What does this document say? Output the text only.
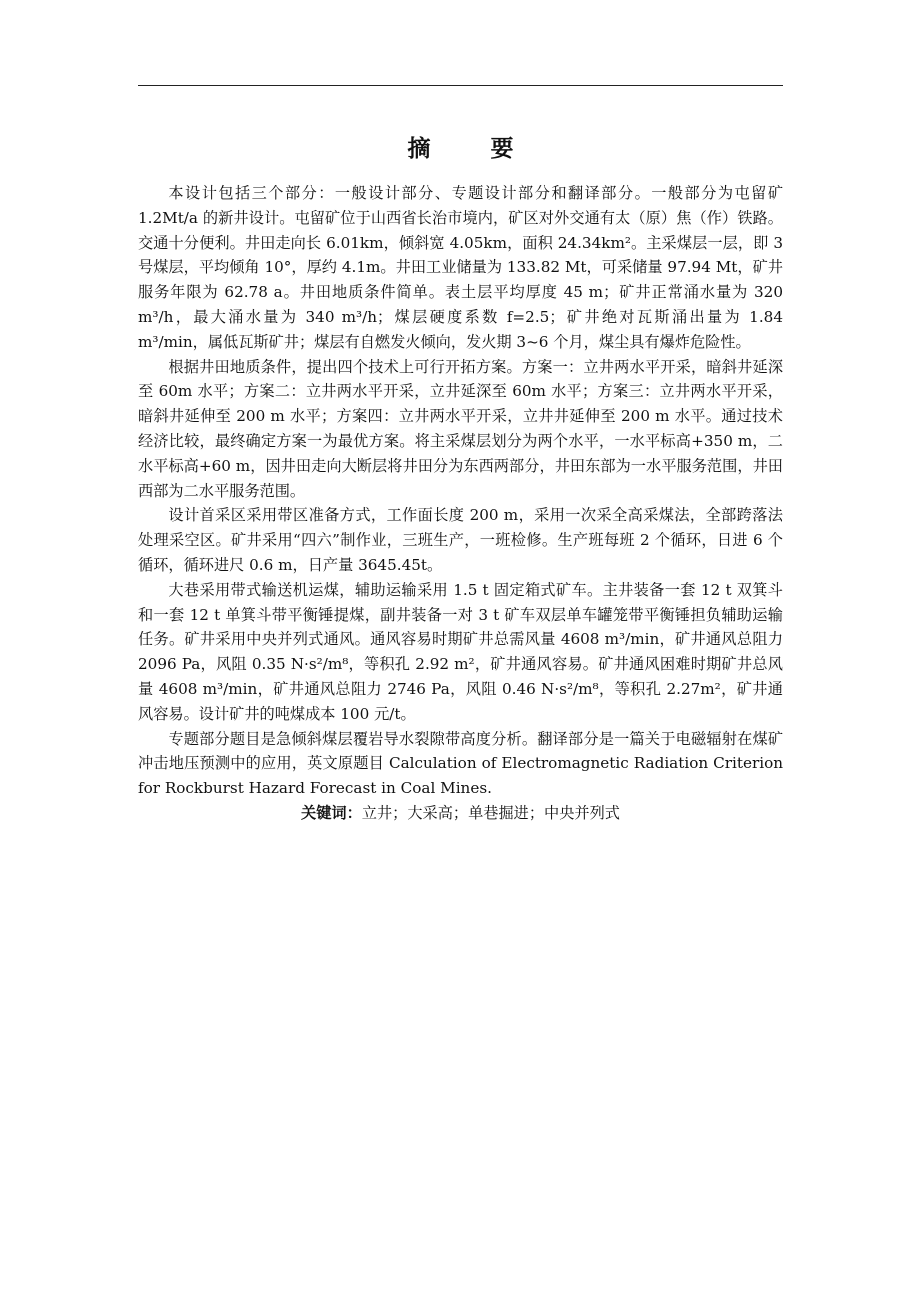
摘 要

本设计包括三个部分：一般设计部分、专题设计部分和翻译部分。一般部分为屯留矿 1.2Mt/a 的新井设计。屯留矿位于山西省长治市境内，矿区对外交通有太（原）焦（作）铁路。交通十分便利。井田走向长 6.01km，倾斜宽 4.05km，面积 24.34km²。主采煤层一层，即 3 号煤层，平均倾角 10°，厚约 4.1m。井田工业储量为 133.82 Mt，可采储量 97.94 Mt，矿井服务年限为 62.78 a。井田地质条件简单。表土层平均厚度 45 m；矿井正常涌水量为 320 m³/h，最大涌水量为 340 m³/h；煤层硬度系数 f=2.5；矿井绝对瓦斯涌出量为 1.84 m³/min，属低瓦斯矿井；煤层有自燃发火倾向，发火期 3~6 个月，煤尘具有爆炸危险性。

根据井田地质条件，提出四个技术上可行开拓方案。方案一：立井两水平开采，暗斜井延深至 60m 水平；方案二：立井两水平开采，立井延深至 60m 水平；方案三：立井两水平开采，暗斜井延伸至 200 m 水平；方案四：立井两水平开采，立井井延伸至 200 m 水平。通过技术经济比较，最终确定方案一为最优方案。将主采煤层划分为两个水平，一水平标高+350 m，二水平标高+60 m，因井田走向大断层将井田分为东西两部分，井田东部为一水平服务范围，井田西部为二水平服务范围。

设计首采区采用带区准备方式，工作面长度 200 m，采用一次采全高采煤法，全部跨落法处理采空区。矿井采用“四六”制作业，三班生产，一班检修。生产班每班 2 个循环，日进 6 个循环，循环进尺 0.6 m，日产量 3645.45t。

大巷采用带式输送机运煤，辅助运输采用 1.5 t 固定箱式矿车。主井装备一套 12 t 双箕斗和一套 12 t 单箕斗带平衡锤提煤，副井装备一对 3 t 矿车双层单车罐笼带平衡锤担负辅助运输任务。矿井采用中央并列式通风。通风容易时期矿井总需风量 4608 m³/min，矿井通风总阻力 2096 Pa，风阻 0.35 N·s²/m⁸，等积孔 2.92 m²，矿井通风容易。矿井通风困难时期矿井总风量 4608 m³/min，矿井通风总阻力 2746 Pa，风阻 0.46 N·s²/m⁸，等积孔 2.27m²，矿井通风容易。设计矿井的吨煤成本 100 元/t。

专题部分题目是急倾斜煤层覆岩导水裂隙带高度分析。翻译部分是一篇关于电磁辐射在煤矿冲击地压预测中的应用，英文原题目 Calculation of Electromagnetic Radiation Criterion for Rockburst Hazard Forecast in Coal Mines.

关键词：立井；大采高；单巷掘进；中央并列式
